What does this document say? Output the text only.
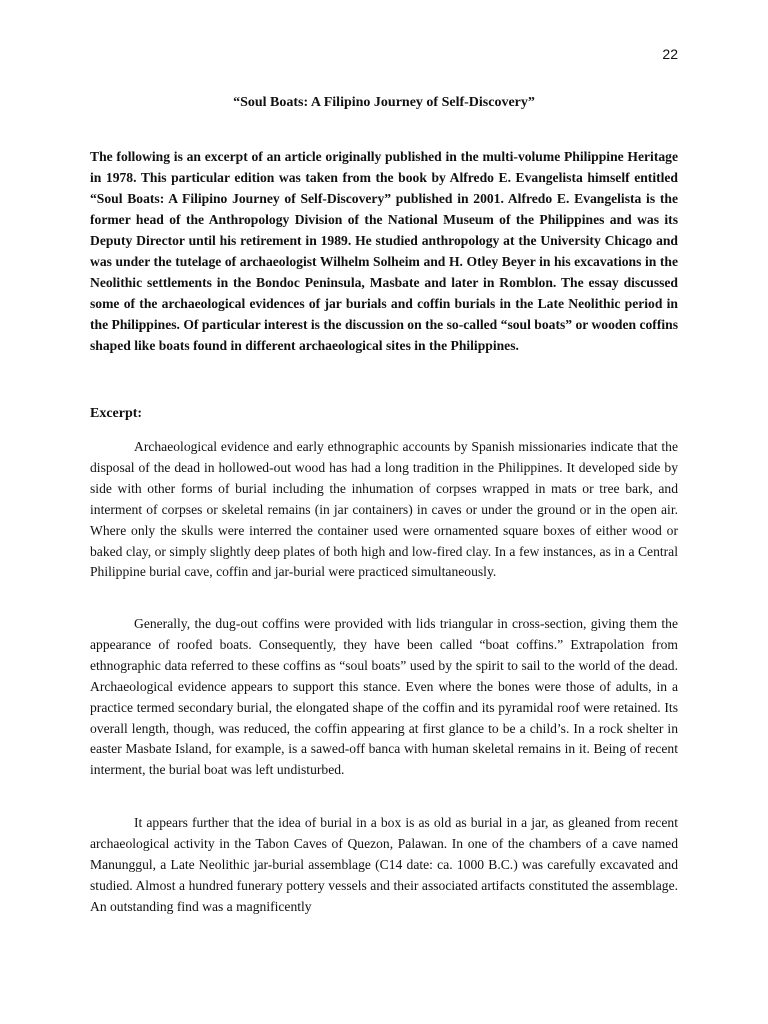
22
“Soul Boats: A Filipino Journey of Self-Discovery”

The following is an excerpt of an article originally published in the multi-volume Philippine Heritage in 1978. This particular edition was taken from the book by Alfredo E. Evangelista himself entitled “Soul Boats: A Filipino Journey of Self-Discovery” published in 2001. Alfredo E. Evangelista is the former head of the Anthropology Division of the National Museum of the Philippines and was its Deputy Director until his retirement in 1989. He studied anthropology at the University Chicago and was under the tutelage of archaeologist Wilhelm Solheim and H. Otley Beyer in his excavations in the Neolithic settlements in the Bondoc Peninsula, Masbate and later in Romblon. The essay discussed some of the archaeological evidences of jar burials and coffin burials in the Late Neolithic period in the Philippines. Of particular interest is the discussion on the so-called “soul boats” or wooden coffins shaped like boats found in different archaeological sites in the Philippines.

Excerpt:

Archaeological evidence and early ethnographic accounts by Spanish missionaries indicate that the disposal of the dead in hollowed-out wood has had a long tradition in the Philippines. It developed side by side with other forms of burial including the inhumation of corpses wrapped in mats or tree bark, and interment of corpses or skeletal remains (in jar containers) in caves or under the ground or in the open air. Where only the skulls were interred the container used were ornamented square boxes of either wood or baked clay, or simply slightly deep plates of both high and low-fired clay. In a few instances, as in a Central Philippine burial cave, coffin and jar-burial were practiced simultaneously.

Generally, the dug-out coffins were provided with lids triangular in cross-section, giving them the appearance of roofed boats. Consequently, they have been called “boat coffins.” Extrapolation from ethnographic data referred to these coffins as “soul boats” used by the spirit to sail to the world of the dead. Archaeological evidence appears to support this stance. Even where the bones were those of adults, in a practice termed secondary burial, the elongated shape of the coffin and its pyramidal roof were retained. Its overall length, though, was reduced, the coffin appearing at first glance to be a child’s. In a rock shelter in easter Masbate Island, for example, is a sawed-off banca with human skeletal remains in it. Being of recent interment, the burial boat was left undisturbed.

It appears further that the idea of burial in a box is as old as burial in a jar, as gleaned from recent archaeological activity in the Tabon Caves of Quezon, Palawan. In one of the chambers of a cave named Manunggul, a Late Neolithic jar-burial assemblage (C14 date: ca. 1000 B.C.) was carefully excavated and studied. Almost a hundred funerary pottery vessels and their associated artifacts constituted the assemblage. An outstanding find was a magnificently
